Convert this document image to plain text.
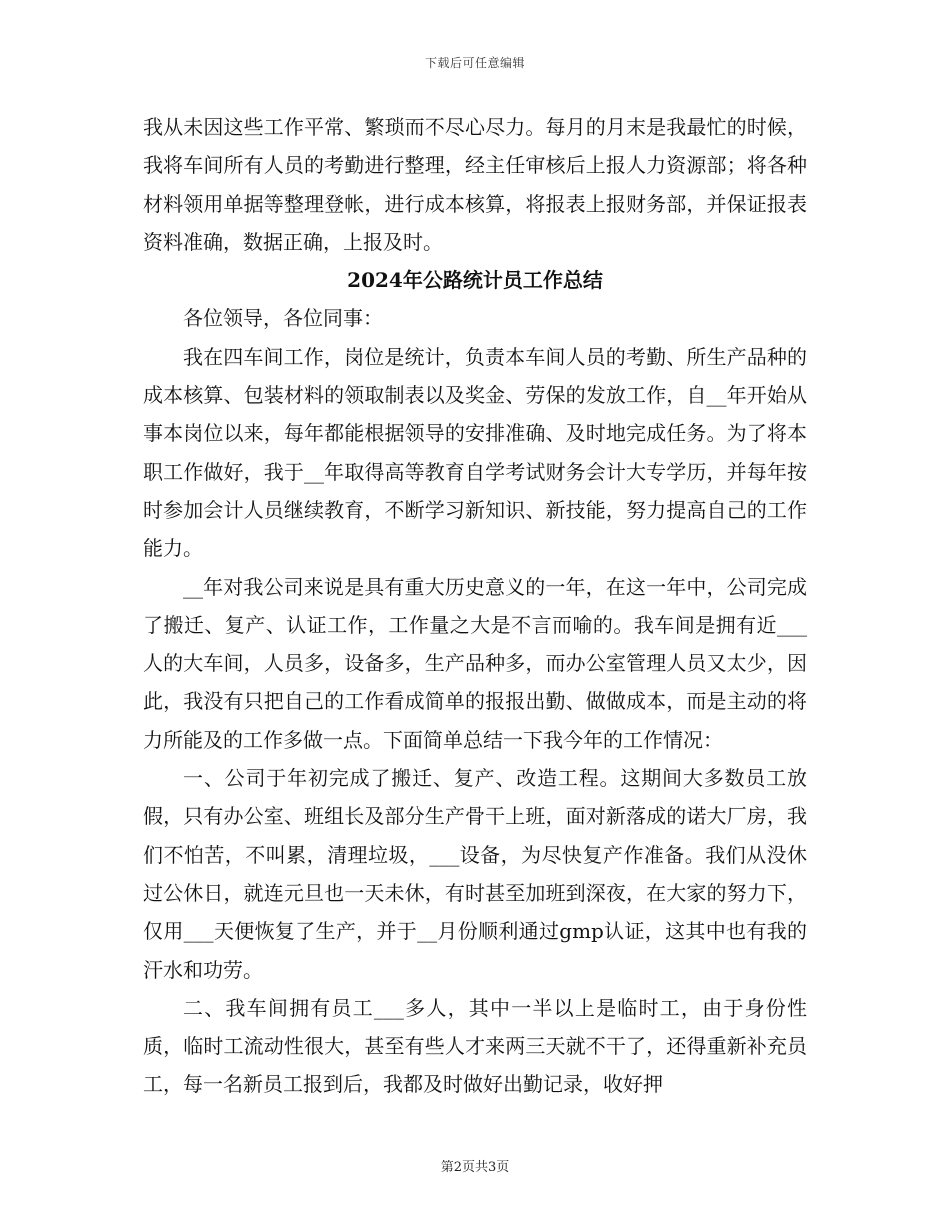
下载后可任意编辑

我从未因这些工作平常、繁琐而不尽心尽力。每月的月末是我最忙的时候，我将车间所有人员的考勤进行整理，经主任审核后上报人力资源部；将各种材料领用单据等整理登帐，进行成本核算，将报表上报财务部，并保证报表资料准确，数据正确，上报及时。

2024年公路统计员工作总结

各位领导，各位同事：

我在四车间工作，岗位是统计，负责本车间人员的考勤、所生产品种的成本核算、包装材料的领取制表以及奖金、劳保的发放工作，自__年开始从事本岗位以来，每年都能根据领导的安排准确、及时地完成任务。为了将本职工作做好，我于__年取得高等教育自学考试财务会计大专学历，并每年按时参加会计人员继续教育，不断学习新知识、新技能，努力提高自己的工作能力。

__年对我公司来说是具有重大历史意义的一年，在这一年中，公司完成了搬迁、复产、认证工作，工作量之大是不言而喻的。我车间是拥有近___人的大车间，人员多，设备多，生产品种多，而办公室管理人员又太少，因此，我没有只把自己的工作看成简单的报报出勤、做做成本，而是主动的将力所能及的工作多做一点。下面简单总结一下我今年的工作情况：

一、公司于年初完成了搬迁、复产、改造工程。这期间大多数员工放假，只有办公室、班组长及部分生产骨干上班，面对新落成的诺大厂房，我们不怕苦，不叫累，清理垃圾，___设备，为尽快复产作准备。我们从没休过公休日，就连元旦也一天未休，有时甚至加班到深夜，在大家的努力下，仅用___天便恢复了生产，并于__月份顺利通过gmp认证，这其中也有我的汗水和功劳。

二、我车间拥有员工___多人，其中一半以上是临时工，由于身份性质，临时工流动性很大，甚至有些人才来两三天就不干了，还得重新补充员工，每一名新员工报到后，我都及时做好出勤记录，收好押

第2页共3页
